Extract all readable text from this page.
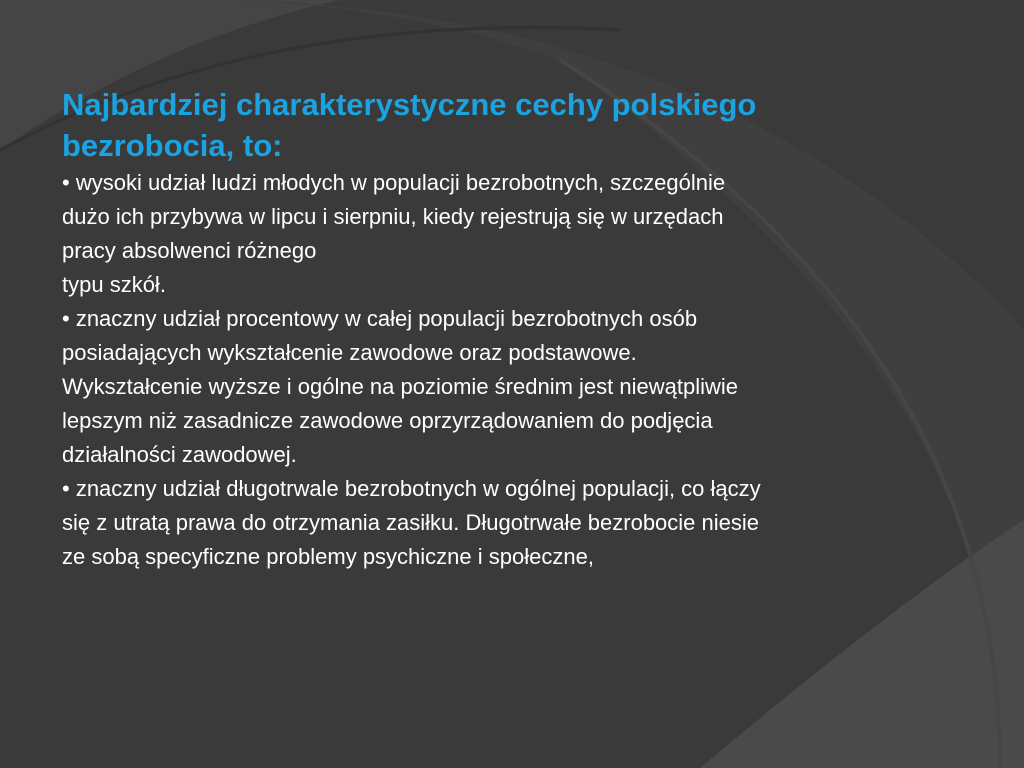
Najbardziej charakterystyczne cechy polskiego

bezrobocia, to:

• wysoki udział ludzi młodych w populacji bezrobotnych, szczególnie

dużo ich przybywa w lipcu i sierpniu, kiedy rejestrują się w urzędach

pracy absolwenci różnego

typu szkół.

• znaczny udział procentowy w całej populacji bezrobotnych osób

posiadających wykształcenie zawodowe oraz podstawowe.

Wykształcenie wyższe i ogólne na poziomie średnim jest niewątpliwie

lepszym niż zasadnicze zawodowe oprzyrządowaniem do podjęcia

działalności zawodowej.

• znaczny udział długotrwale bezrobotnych w ogólnej populacji, co łączy

się z utratą prawa do otrzymania zasiłku. Długotrwałe bezrobocie niesie

ze sobą specyficzne problemy psychiczne i społeczne,
